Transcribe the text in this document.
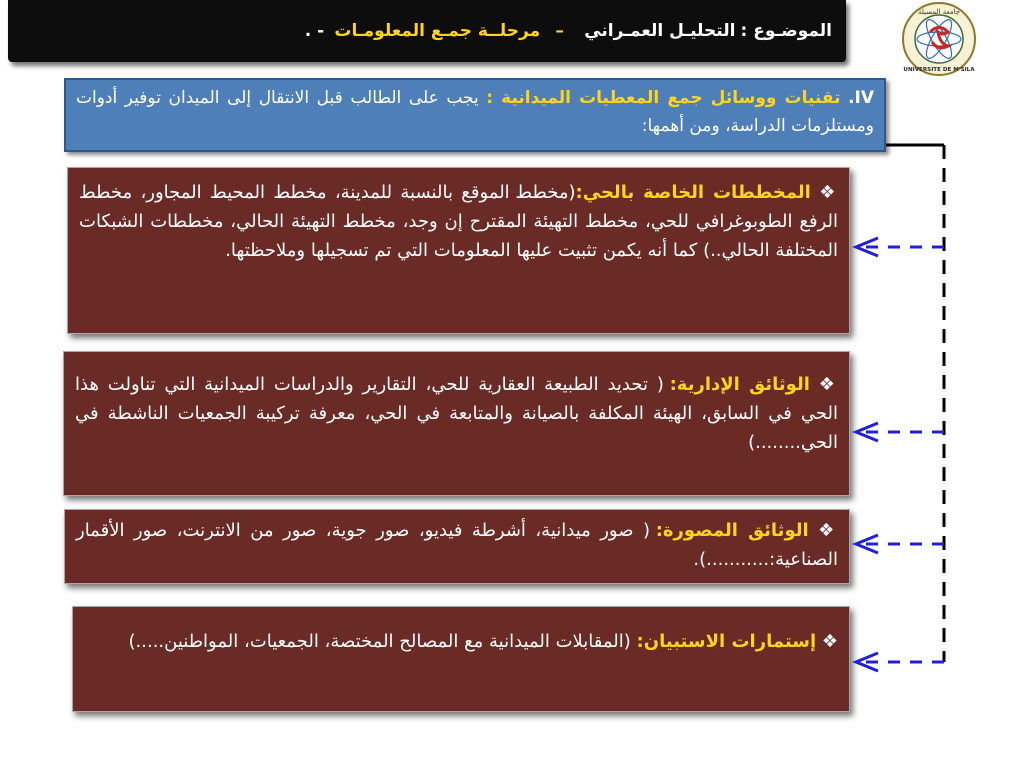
الموضـوع :

التحليـل العمـراني

–

مرحلــة جمـع المعلومـات

- .
جامعة المسيلة
UNIVERSITE DE M'SILA
IV. تقنيات ووسائل جمع المعطيات الميدانية : يجب على الطالب قبل الانتقال إلى الميدان توفير أدوات ومستلزمات الدراسة، ومن أهمها:
❖ المخططات الخاصة بالحي:(مخطط الموقع بالنسبة للمدينة، مخطط المحيط المجاور، مخطط الرفع الطوبوغرافي للحي، مخطط التهيئة المقترح إن وجد، مخطط التهيئة الحالي، مخططات الشبكات المختلفة الحالي..) كما أنه يكمن تثبيت عليها المعلومات التي تم تسجيلها وملاحظتها.
❖ الوثائق الإدارية: ( تحديد الطبيعة العقارية للحي، التقارير والدراسات الميدانية التي تناولت هذا الحي في السابق، الهيئة المكلفة بالصيانة والمتابعة في الحي، معرفة تركيبة الجمعيات الناشطة في الحي........)
❖ الوثائق المصورة: ( صور ميدانية، أشرطة فيديو، صور جوية، صور من الانترنت، صور الأقمار الصناعية:...........).
❖ إستمارات الاستبيان: (المقابلات الميدانية مع المصالح المختصة، الجمعيات، المواطنين.....)
